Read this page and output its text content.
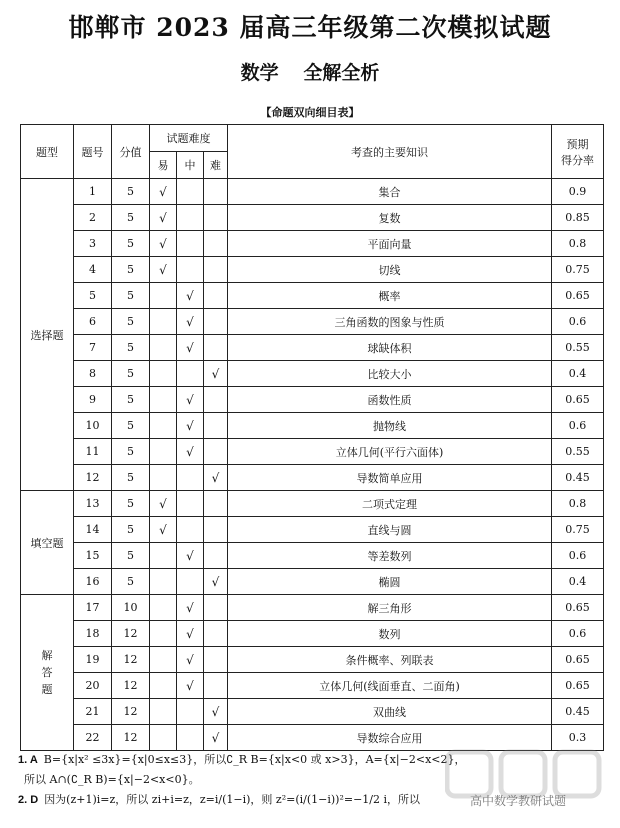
邯郸市 2023 届高三年级第二次模拟试题
数学 全解全析
【命题双向细目表】
题型	题号	分值	试题难度			考查的主要知识	预期
得分率

			易	中	难		
选择题	1	5	√			集合	0.9
	2	5	√			复数	0.85
	3	5	√			平面向量	0.8
	4	5	√			切线	0.75
	5	5		√		概率	0.65
	6	5		√		三角函数的图象与性质	0.6
	7	5		√		球缺体积	0.55
	8	5			√	比较大小	0.4
	9	5		√		函数性质	0.65
	10	5		√		抛物线	0.6
	11	5		√		立体几何(平行六面体)	0.55
	12	5			√	导数简单应用	0.45
填空题	13	5	√			二项式定理	0.8
	14	5	√			直线与圆	0.75
	15	5		√		等差数列	0.6
	16	5			√	椭圆	0.4

解
答
题	17	10		√		解三角形	0.65
	18	12		√		数列	0.6
	19	12		√		条件概率、列联表	0.65
	20	12		√		立体几何(线面垂直、二面角)	0.65
	21	12			√	双曲线	0.45
	22	12			√	导数综合应用	0.3
1. A B={x|x² ≤3x}={x|0≤x≤3}，所以∁_R B={x|x<0 或 x>3}，A={x|−2<x<2}，
所以 A∩(∁_R B)={x|−2<x<0}。
2. D 因为(z+1)i=z，所以 zi+i=z，z=i/(1−i)，则 z²=(i/(1−i))²=−1/2 i，所以	高中数学教研试题
